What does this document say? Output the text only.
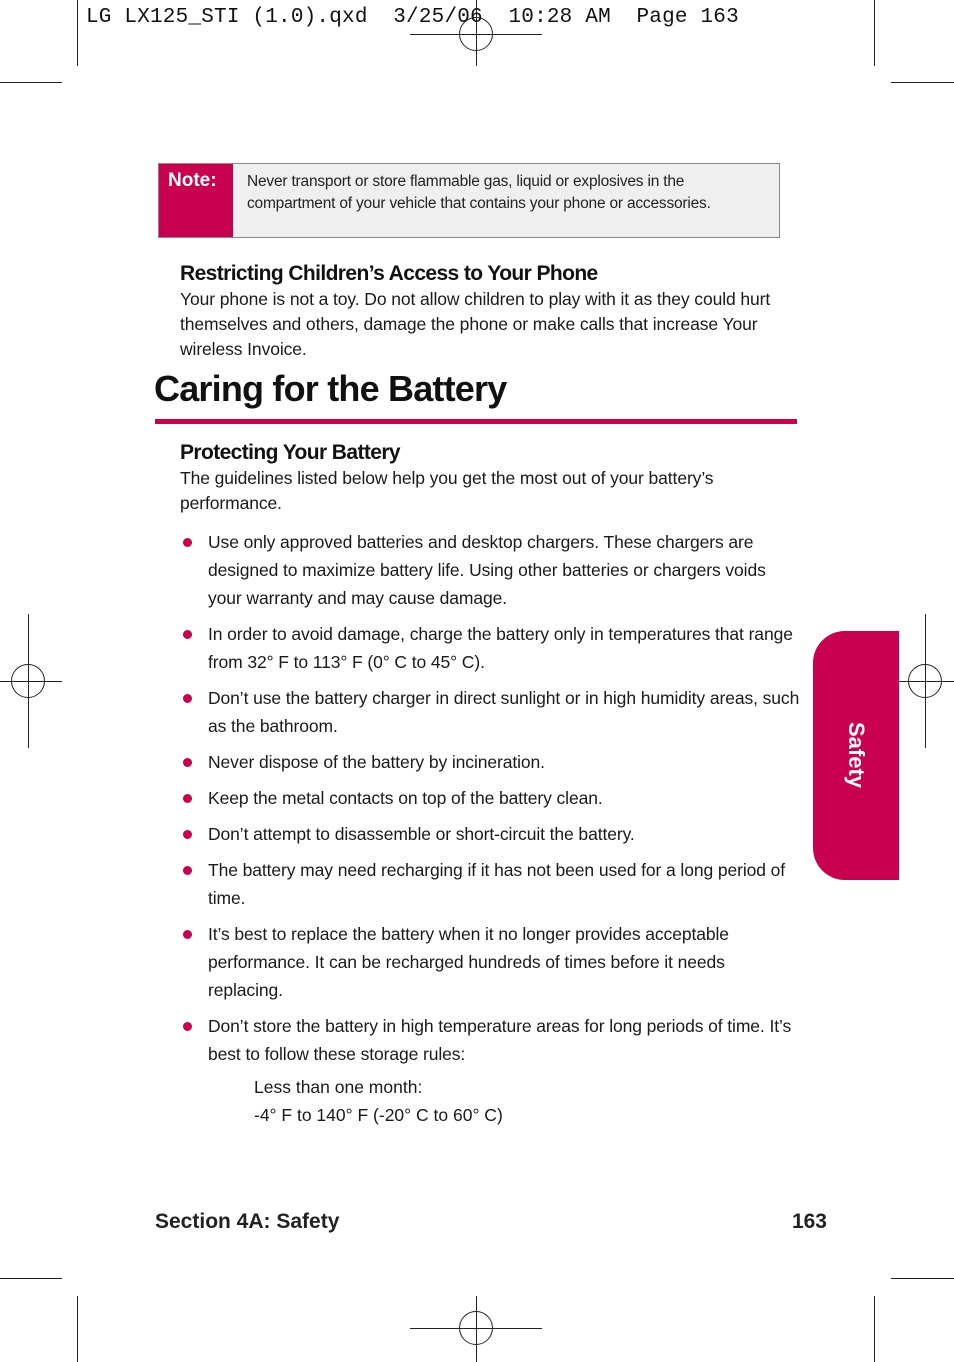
LG LX125_STI (1.0).qxd  3/25/06  10:28 AM  Page 163
Note:	Never transport or store flammable gas, liquid or explosives in the compartment of your vehicle that contains your phone or accessories.
Restricting Children’s Access to Your Phone
Your phone is not a toy. Do not allow children to play with it as they could hurt themselves and others, damage the phone or make calls that increase Your wireless Invoice.
Caring for the Battery
Protecting Your Battery
The guidelines listed below help you get the most out of your battery’s performance.
Use only approved batteries and desktop chargers. These chargers are designed to maximize battery life. Using other batteries or chargers voids your warranty and may cause damage.
In order to avoid damage, charge the battery only in temperatures that range from 32° F to 113° F (0° C to 45° C).
Don’t use the battery charger in direct sunlight or in high humidity areas, such as the bathroom.
Never dispose of the battery by incineration.
Keep the metal contacts on top of the battery clean.
Don’t attempt to disassemble or short-circuit the battery.
The battery may need recharging if it has not been used for a long period of time.
It’s best to replace the battery when it no longer provides acceptable performance. It can be recharged hundreds of times before it needs replacing.
Don’t store the battery in high temperature areas for long periods of time. It’s best to follow these storage rules:
Less than one month:
-4° F to 140° F (-20° C to 60° C)
Safety
Section 4A: Safety	163
